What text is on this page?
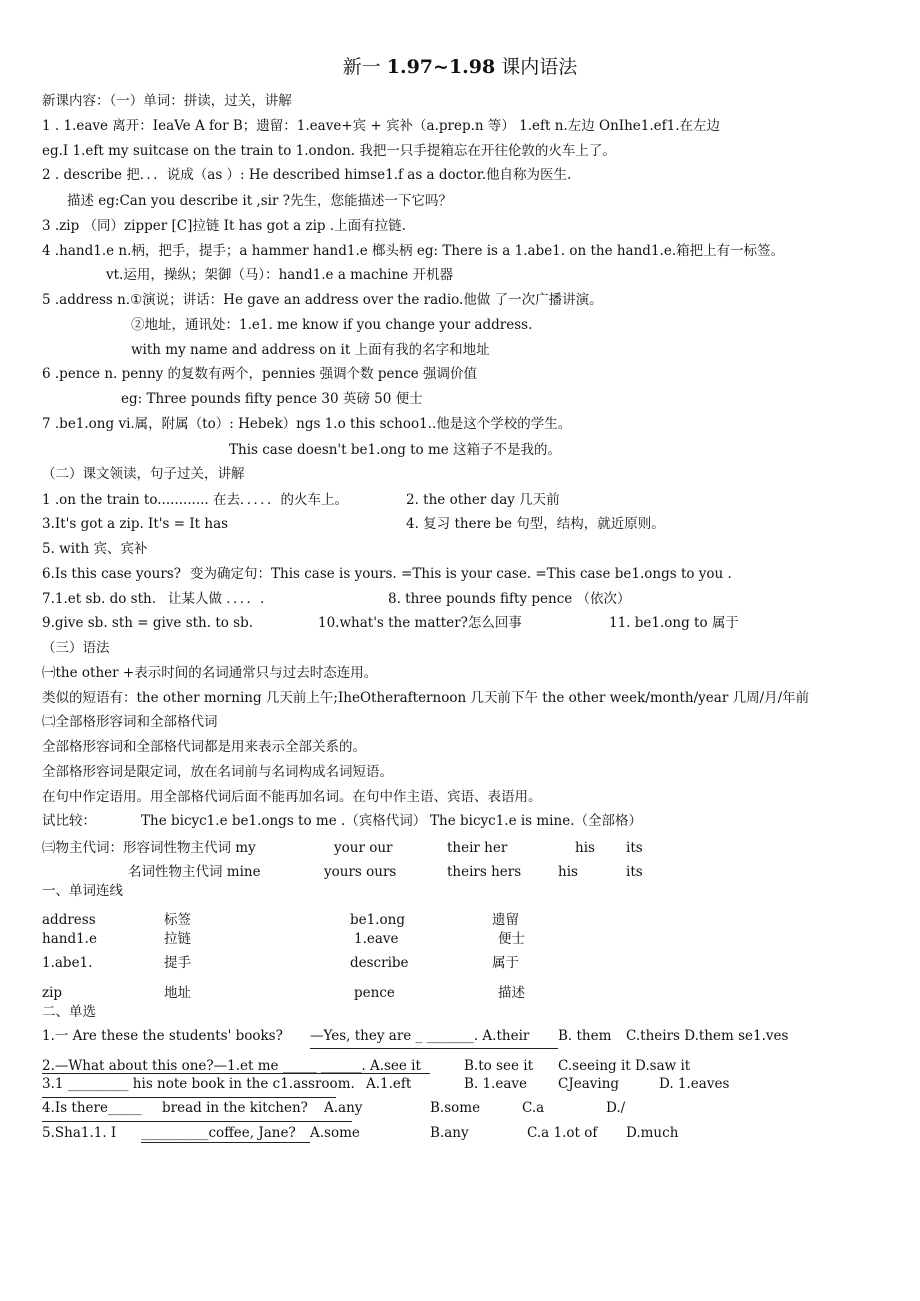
新一 1.97~1.98 课内语法
新课内容：（一）单词：拼读，过关，讲解
1 . 1.eave 离开：IeaVe A for B；遗留：1.eave+宾 + 宾补（a.prep.n 等） 1.eft n.左边 OnIhe1.ef1.在左边
eg.I 1.eft my suitcase on the train to 1.ondon. 我把一只手提箱忘在开往伦敦的火车上了。
2 . describe 把．．．说成（as ）: He described himse1.f as a doctor.他自称为医生.
描述 eg:Can you describe it ,sir ?先生，您能描述一下它吗？
3 .zip （同）zipper [C]拉链 It has got a zip .上面有拉链.
4 .hand1.e n.柄，把手，提手；a hammer hand1.e 榔头柄 eg: There is a 1.abe1. on the hand1.e.箱把上有一标签。
vt.运用，操纵；架御（马）：hand1.e a machine 开机器
5 .address n.①演说；讲话：He gave an address over the radio.他做 了一次广播讲演。
②地址，通讯处：1.e1. me know if you change your address.
with my name and address on it 上面有我的名字和地址
6 .pence n. penny 的复数有两个，pennies 强调个数 pence 强调价值
eg: Three pounds fifty pence 30 英磅 50 便士
7 .be1.ong vi.属，附属（to）: Hebek）ngs 1.o this schoo1..他是这个学校的学生。
This case doesn't be1.ong to me 这箱子不是我的。
（二）课文领读，句子过关，讲解
1 .on the train to............ 在去．．．．．的火车上。	2. the other day 几天前
3.It's got a zip. It's = It has	4. 复习 there be 句型，结构，就近原则。
5. with 宾、宾补
6.Is this case yours? 变为确定句：This case is yours. =This is your case. =This case be1.ongs to you .
7.1.et sb. do sth. 让某人做 ．．．．.	8. three pounds fifty pence （依次）
9.give sb. sth = give sth. to sb.	10.what's the matter?怎么回事	11. be1.ong to 属于
（三）语法
㈠the other +表示时间的名词通常只与过去时态连用。
类似的短语有：the other morning 几天前上午;IheOtherafternoon 几天前下午 the other week/month/year 几周/月/年前
㈡全部格形容词和全部格代词
全部格形容词和全部格代词都是用来表示全部关系的。
全部格形容词是限定词，放在名词前与名词构成名词短语。
在句中作定语用。用全部格代词后面不能再加名词。在句中作主语、宾语、表语用。
试比较：	The bicyc1.e be1.ongs to me .（宾格代词） The bicyc1.e is mine.（全部格）
㈢物主代词：形容词性物主代词 my	your our	their her	his its
名词性物主代词 mine	yours ours	theirs hers	his	its
一、单词连线
address	标签	be1.ong	遗留
hand1.e	拉链	1.eave	便士
1.abe1.	提手	describe	属于
zip	地址	pence	描述
二、单选
1.一 Are these the students' books? —Yes, they are _ _______. A.their B. them C.theirs D.them se1.ves
2.—What about this one?—1.et me _____ ______. A.see it	B.to see it C.seeing it D.saw it
3.1 _________ his note book in the c1.assroom. A.1.eft	B. 1.eave CJeaving	D. 1.eaves
4.Is there_____ bread in the kitchen? A.any	B.some	C.a	D./
5.Sha1.1. I __________coffee, Jane? A.some	B.any	C.a 1.ot of D.much
